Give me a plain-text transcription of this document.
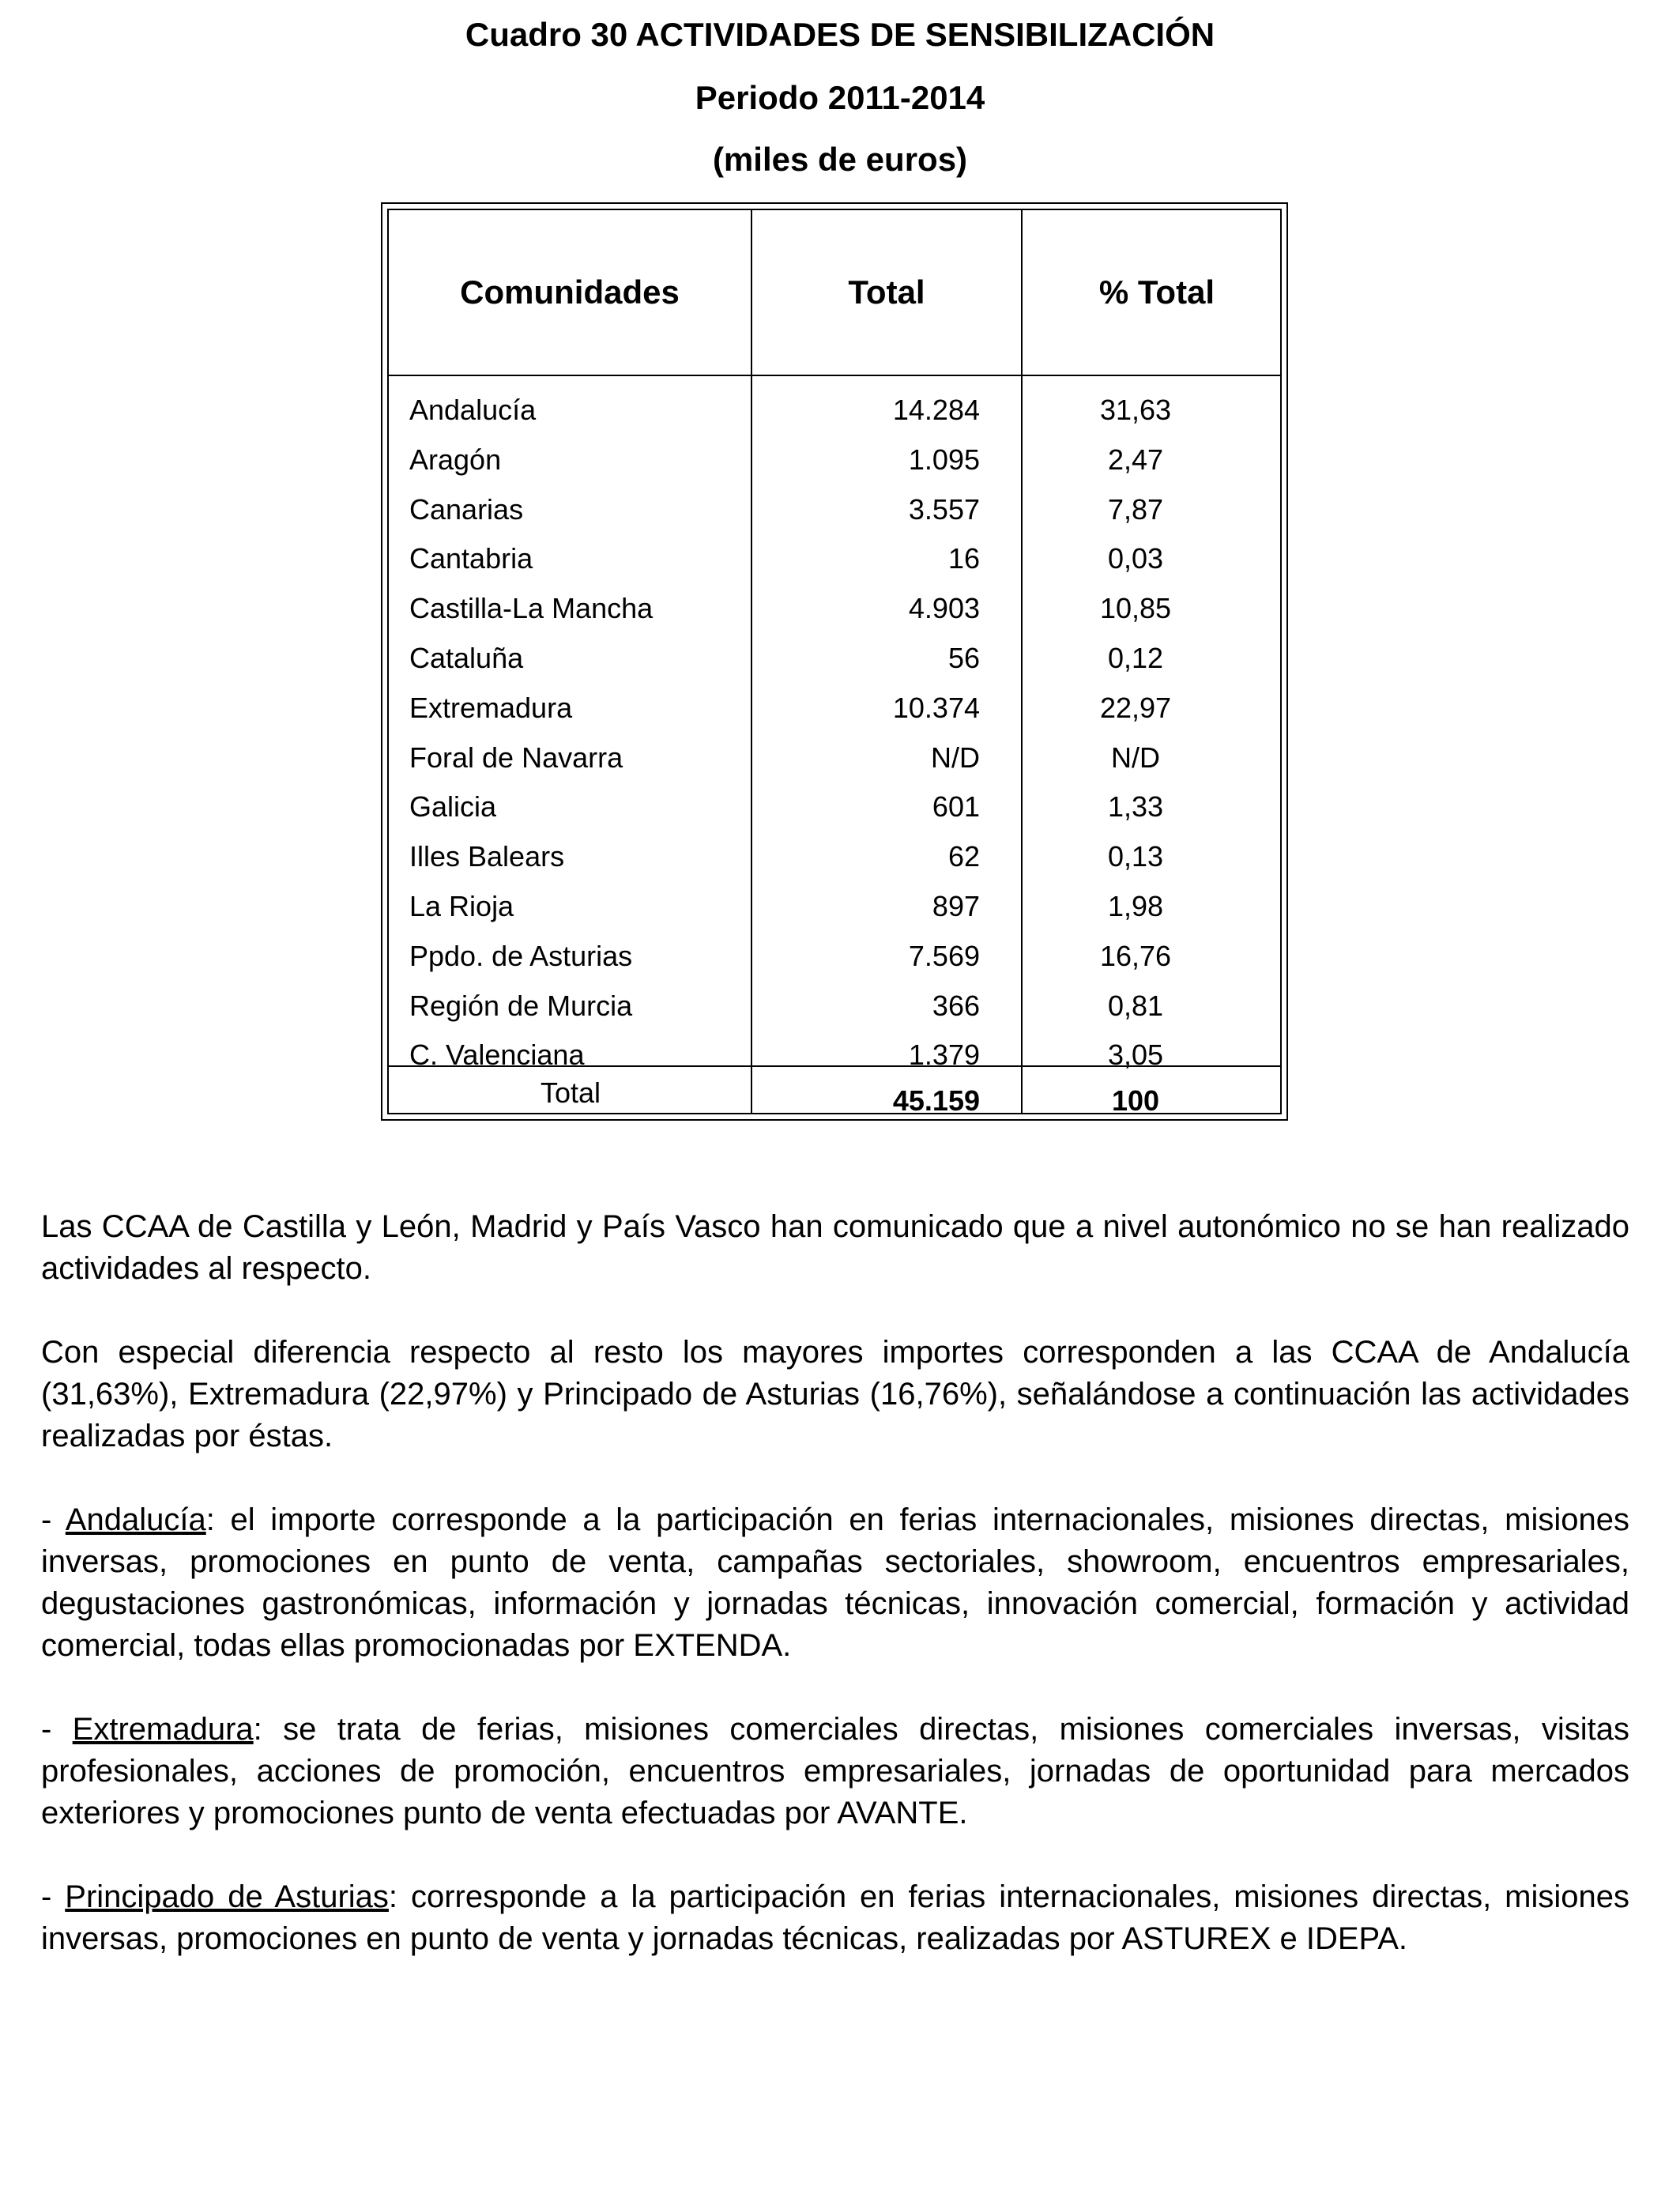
Cuadro 30 ACTIVIDADES DE SENSIBILIZACIÓN
Periodo 2011-2014
(miles de euros)
Comunidades	Total	% Total
Andalucía	14.284	31,63
Aragón	1.095	2,47
Canarias	3.557	7,87
Cantabria	16	0,03
Castilla-La Mancha	4.903	10,85
Cataluña	56	0,12
Extremadura	10.374	22,97
Foral de Navarra	N/D	N/D
Galicia	601	1,33
Illes Balears	62	0,13
La Rioja	897	1,98
Ppdo. de Asturias	7.569	16,76
Región de Murcia	366	0,81
C. Valenciana	1.379	3,05
Total	45.159	100
Las CCAA de Castilla y León, Madrid y País Vasco han comunicado que a nivel autonómico no se han realizado actividades al respecto.
Con especial diferencia respecto al resto los mayores importes corresponden a las CCAA de Andalucía (31,63%), Extremadura (22,97%) y Principado de Asturias (16,76%), señalándose a continuación las actividades realizadas por éstas.
- Andalucía: el importe corresponde a la participación en ferias internacionales, misiones directas, misiones inversas, promociones en punto de venta, campañas sectoriales, showroom, encuentros empresariales, degustaciones gastronómicas, información y jornadas técnicas, innovación comercial, formación y actividad comercial, todas ellas promocionadas por EXTENDA.
- Extremadura: se trata de ferias, misiones comerciales directas, misiones comerciales inversas, visitas profesionales, acciones de promoción, encuentros empresariales, jornadas de oportunidad para mercados exteriores y promociones punto de venta efectuadas por AVANTE.
- Principado de Asturias: corresponde a la participación en ferias internacionales, misiones directas, misiones inversas, promociones en punto de venta y jornadas técnicas, realizadas por ASTUREX e IDEPA.
